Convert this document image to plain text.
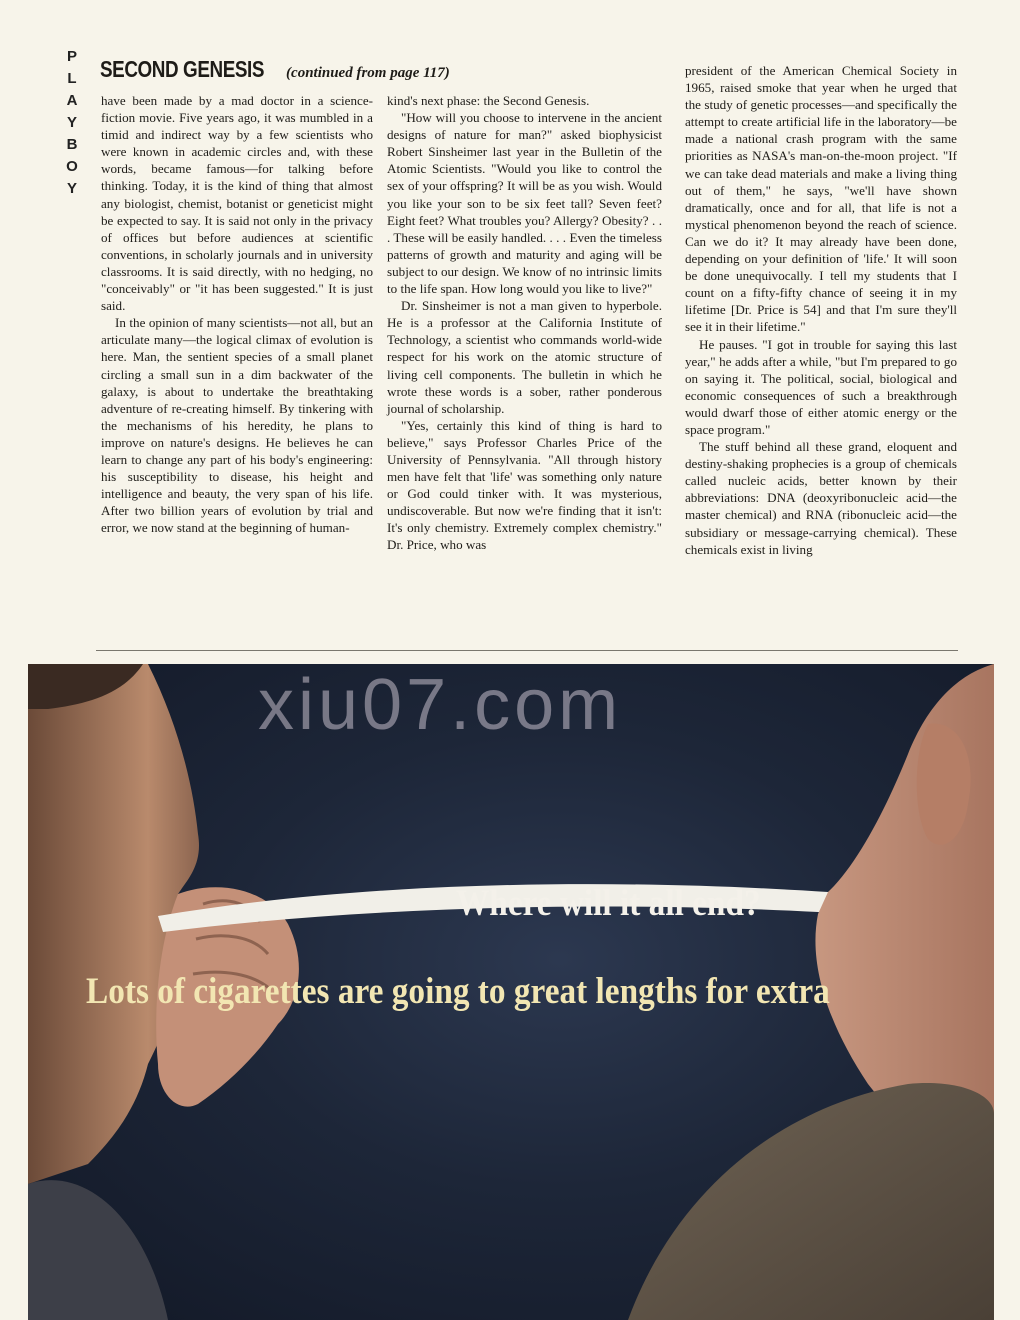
P
L
A
Y
B
O
Y
SECOND GENESIS (continued from page 117)

have been made by a mad doctor in a science-fiction movie. Five years ago, it was mumbled in a timid and indirect way by a few scientists who were known in academic circles and, with these words, became famous—for talking before thinking. Today, it is the kind of thing that almost any biologist, chemist, botanist or geneticist might be expected to say. It is said not only in the privacy of offices but before audiences at scientific conventions, in scholarly journals and in university classrooms. It is said directly, with no hedging, no "conceivably" or "it has been suggested." It is just said.

In the opinion of many scientists—not all, but an articulate many—the logical climax of evolution is here. Man, the sentient species of a small planet circling a small sun in a dim backwater of the galaxy, is about to undertake the breathtaking adventure of re-creating himself. By tinkering with the mechanisms of his heredity, he plans to improve on nature's designs. He believes he can learn to change any part of his body's engineering: his susceptibility to disease, his height and intelligence and beauty, the very span of his life. After two billion years of evolution by trial and error, we now stand at the beginning of human-

kind's next phase: the Second Genesis.

"How will you choose to intervene in the ancient designs of nature for man?" asked biophysicist Robert Sinsheimer last year in the Bulletin of the Atomic Scientists. "Would you like to control the sex of your offspring? It will be as you wish. Would you like your son to be six feet tall? Seven feet? Eight feet? What troubles you? Allergy? Obesity? . . . These will be easily handled. . . . Even the timeless patterns of growth and maturity and aging will be subject to our design. We know of no intrinsic limits to the life span. How long would you like to live?"

Dr. Sinsheimer is not a man given to hyperbole. He is a professor at the California Institute of Technology, a scientist who commands world-wide respect for his work on the atomic structure of living cell components. The bulletin in which he wrote these words is a sober, rather ponderous journal of scholarship.

"Yes, certainly this kind of thing is hard to believe," says Professor Charles Price of the University of Pennsylvania. "All through history men have felt that 'life' was something only nature or God could tinker with. It was mysterious, undiscoverable. But now we're finding that it isn't: It's only chemistry. Extremely complex chemistry." Dr. Price, who was

president of the American Chemical Society in 1965, raised smoke that year when he urged that the study of genetic processes—and specifically the attempt to create artificial life in the laboratory—be made a national crash program with the same priorities as NASA's man-on-the-moon project. "If we can take dead materials and make a living thing out of them," he says, "we'll have shown dramatically, once and for all, that life is not a mystical phenomenon beyond the reach of science. Can we do it? It may already have been done, depending on your definition of 'life.' It will soon be done unequivocally. I tell my students that I count on a fifty-fifty chance of seeing it in my lifetime [Dr. Price is 54] and that I'm sure they'll see it in their lifetime."

He pauses. "I got in trouble for saying this last year," he adds after a while, "but I'm prepared to go on saying it. The political, social, biological and economic consequences of such a breakthrough would dwarf those of either atomic energy or the space program."

The stuff behind all these grand, eloquent and destiny-shaking prophecies is a group of chemicals called nucleic acids, better known by their abbreviations: DNA (deoxyribonucleic acid—the master chemical) and RNA (ribonucleic acid—the subsidiary or message-carrying chemical). These chemicals exist in living

xiu07.com
Where will it all end?
Lots of cigarettes are going to great lengths for extra
